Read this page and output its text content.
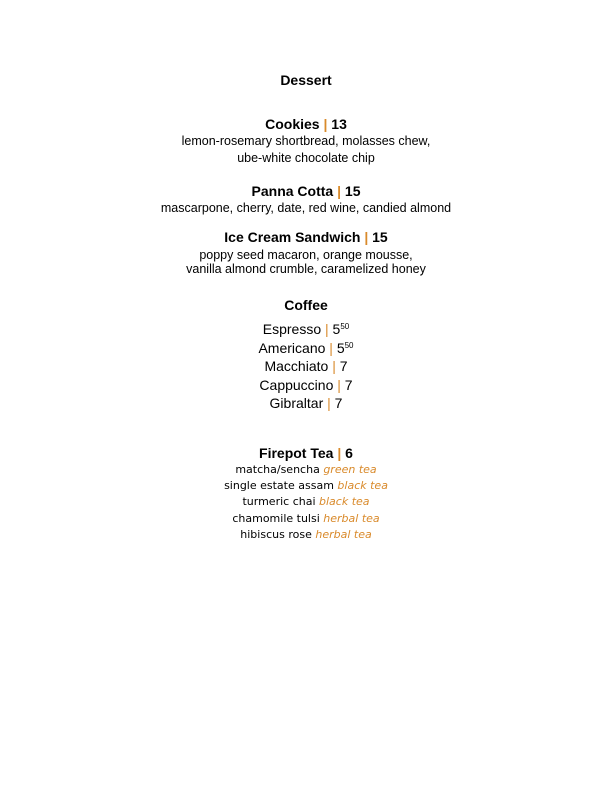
Dessert
Cookies | 13
lemon-rosemary shortbread, molasses chew,
ube-white chocolate chip
Panna Cotta | 15
mascarpone, cherry, date, red wine, candied almond
Ice Cream Sandwich | 15
poppy seed macaron, orange mousse,
vanilla almond crumble, caramelized honey
Coffee
Espresso | $5^{50}$
Americano | $5^{50}$
Macchiato | 7
Cappuccino | 7
Gibraltar | 7
Firepot Tea | 6
matcha/sencha green tea
single estate assam black tea
turmeric chai black tea
chamomile tulsi herbal tea
hibiscus rose herbal tea
